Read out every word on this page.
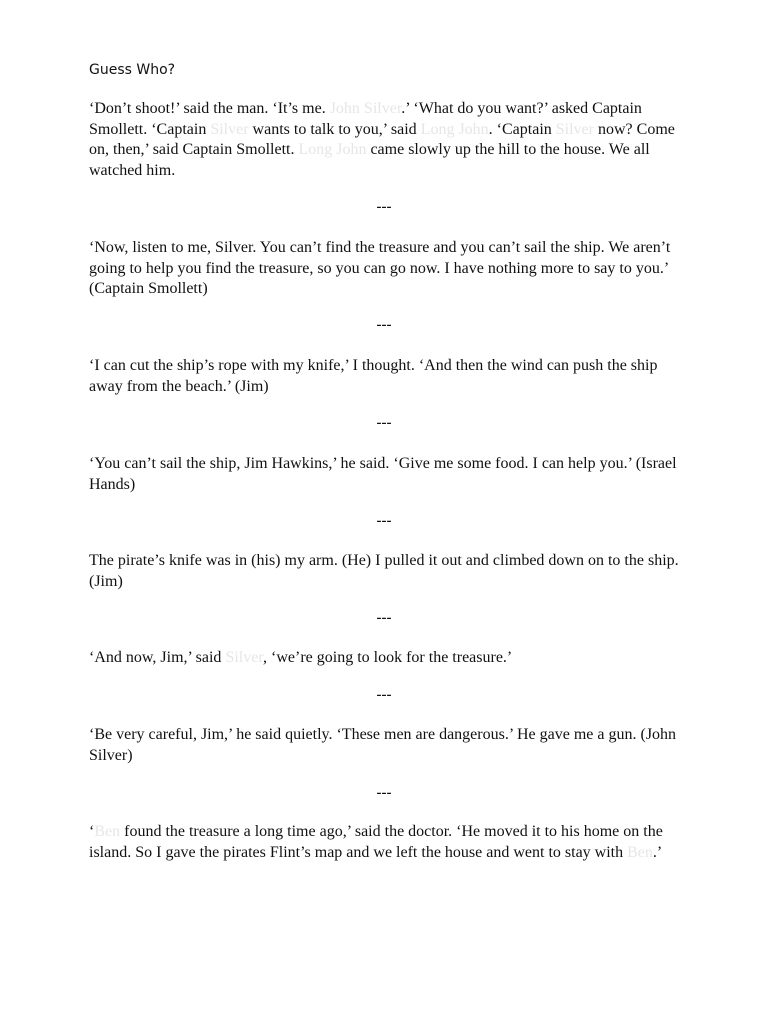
Guess Who?

‘Don’t shoot!’ said the man. ‘It’s me. John Silver.’ ‘What do you want?’ asked Captain Smollett. ‘Captain Silver wants to talk to you,’ said Long John. ‘Captain Silver now? Come on, then,’ said Captain Smollett. Long John came slowly up the hill to the house. We all watched him.

---

‘Now, listen to me, Silver. You can’t find the treasure and you can’t sail the ship. We aren’t going to help you find the treasure, so you can go now. I have nothing more to say to you.’ (Captain Smollett)

---

‘I can cut the ship’s rope with my knife,’ I thought. ‘And then the wind can push the ship away from the beach.’ (Jim)

---

‘You can’t sail the ship, Jim Hawkins,’ he said. ‘Give me some food. I can help you.’ (Israel Hands)

---

The pirate’s knife was in (his) my arm. (He) I pulled it out and climbed down on to the ship. (Jim)

---

‘And now, Jim,’ said Silver, ‘we’re going to look for the treasure.’

---

‘Be very careful, Jim,’ he said quietly. ‘These men are dangerous.’ He gave me a gun. (John Silver)

---

‘Ben found the treasure a long time ago,’ said the doctor. ‘He moved it to his home on the island. So I gave the pirates Flint’s map and we left the house and went to stay with Ben.’
